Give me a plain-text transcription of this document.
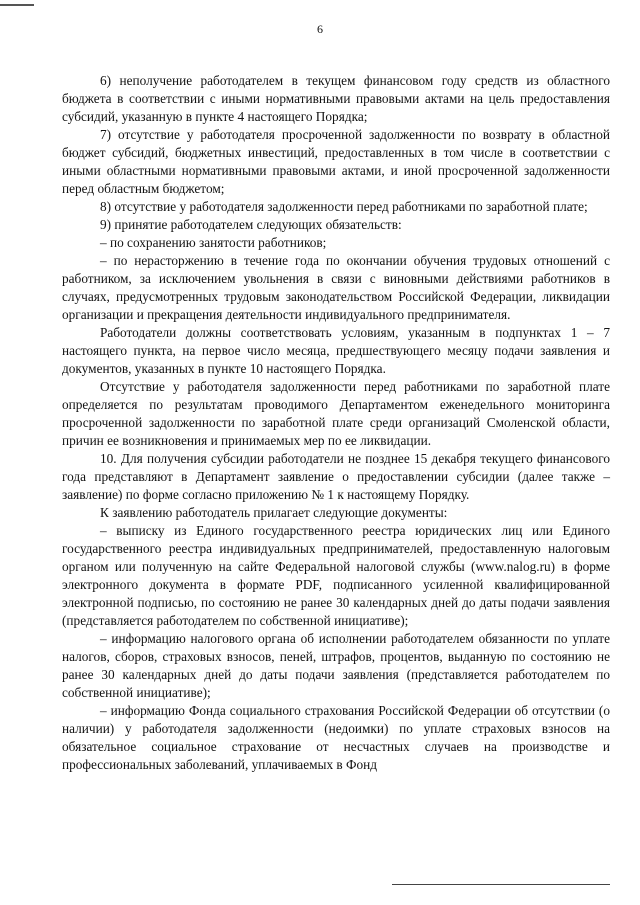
6

6) неполучение работодателем в текущем финансовом году средств из областного бюджета в соответствии с иными нормативными правовыми актами на цель предоставления субсидий, указанную в пункте 4 настоящего Порядка;

7) отсутствие у работодателя просроченной задолженности по возврату в областной бюджет субсидий, бюджетных инвестиций, предоставленных в том числе в соответствии с иными областными нормативными правовыми актами, и иной просроченной задолженности перед областным бюджетом;

8) отсутствие у работодателя задолженности перед работниками по заработной плате;

9) принятие работодателем следующих обязательств:

– по сохранению занятости работников;

– по нерасторжению в течение года по окончании обучения трудовых отношений с работником, за исключением увольнения в связи с виновными действиями работников в случаях, предусмотренных трудовым законодательством Российской Федерации, ликвидации организации и прекращения деятельности индивидуального предпринимателя.

Работодатели должны соответствовать условиям, указанным в подпунктах 1 – 7 настоящего пункта, на первое число месяца, предшествующего месяцу подачи заявления и документов, указанных в пункте 10 настоящего Порядка.

Отсутствие у работодателя задолженности перед работниками по заработной плате определяется по результатам проводимого Департаментом еженедельного мониторинга просроченной задолженности по заработной плате среди организаций Смоленской области, причин ее возникновения и принимаемых мер по ее ликвидации.

10. Для получения субсидии работодатели не позднее 15 декабря текущего финансового года представляют в Департамент заявление о предоставлении субсидии (далее также – заявление) по форме согласно приложению № 1 к настоящему Порядку.

К заявлению работодатель прилагает следующие документы:

– выписку из Единого государственного реестра юридических лиц или Единого государственного реестра индивидуальных предпринимателей, предоставленную налоговым органом или полученную на сайте Федеральной налоговой службы (www.nalog.ru) в форме электронного документа в формате PDF, подписанного усиленной квалифицированной электронной подписью, по состоянию не ранее 30 календарных дней до даты подачи заявления (представляется работодателем по собственной инициативе);

– информацию налогового органа об исполнении работодателем обязанности по уплате налогов, сборов, страховых взносов, пеней, штрафов, процентов, выданную по состоянию не ранее 30 календарных дней до даты подачи заявления (представляется работодателем по собственной инициативе);

– информацию Фонда социального страхования Российской Федерации об отсутствии (о наличии) у работодателя задолженности (недоимки) по уплате страховых взносов на обязательное социальное страхование от несчастных случаев на производстве и профессиональных заболеваний, уплачиваемых в Фонд
